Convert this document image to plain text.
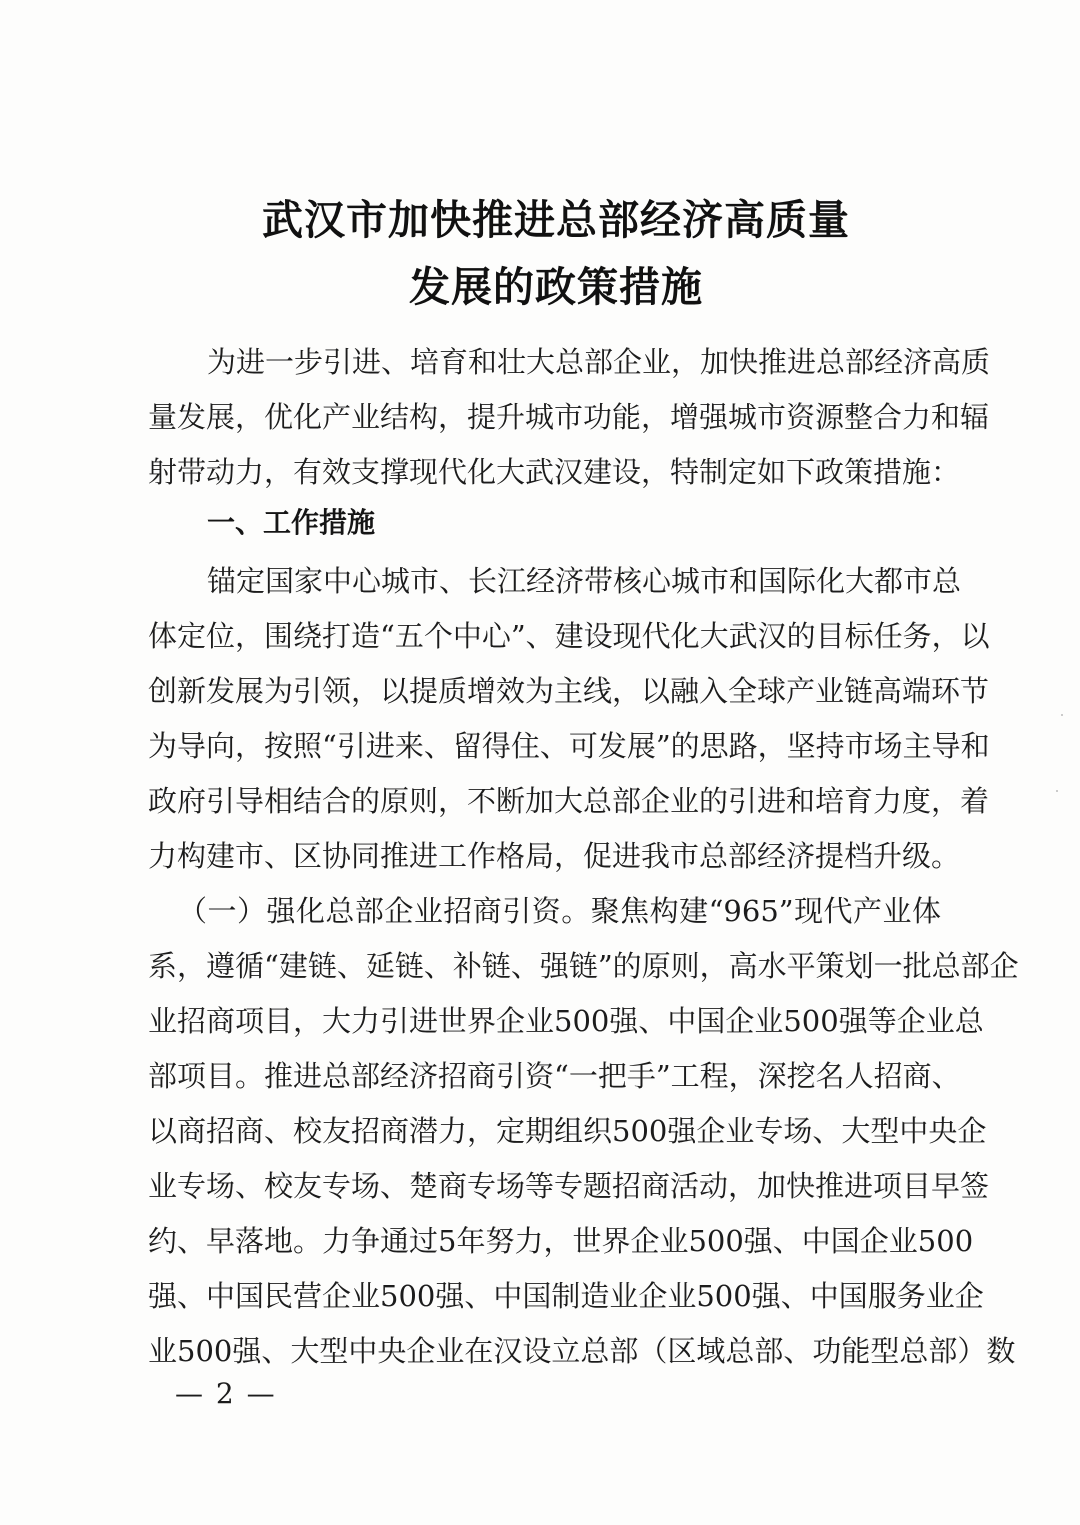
武汉市加快推进总部经济高质量
发展的政策措施
为进一步引进、培育和壮大总部企业，加快推进总部经济高质
量发展，优化产业结构，提升城市功能，增强城市资源整合力和辐
射带动力，有效支撑现代化大武汉建设，特制定如下政策措施：
一、工作措施
锚定国家中心城市、长江经济带核心城市和国际化大都市总
体定位，围绕打造“五个中心”、建设现代化大武汉的目标任务，以
创新发展为引领，以提质增效为主线，以融入全球产业链高端环节
为导向，按照“引进来、留得住、可发展”的思路，坚持市场主导和
政府引导相结合的原则，不断加大总部企业的引进和培育力度，着
力构建市、区协同推进工作格局，促进我市总部经济提档升级。
（一）强化总部企业招商引资。聚焦构建“965”现代产业体
系，遵循“建链、延链、补链、强链”的原则，高水平策划一批总部企
业招商项目，大力引进世界企业500强、中国企业500强等企业总
部项目。推进总部经济招商引资“一把手”工程，深挖名人招商、
以商招商、校友招商潜力，定期组织500强企业专场、大型中央企
业专场、校友专场、楚商专场等专题招商活动，加快推进项目早签
约、早落地。力争通过5年努力，世界企业500强、中国企业500
强、中国民营企业500强、中国制造业企业500强、中国服务业企
业500强、大型中央企业在汉设立总部（区域总部、功能型总部）数
— 2 —
